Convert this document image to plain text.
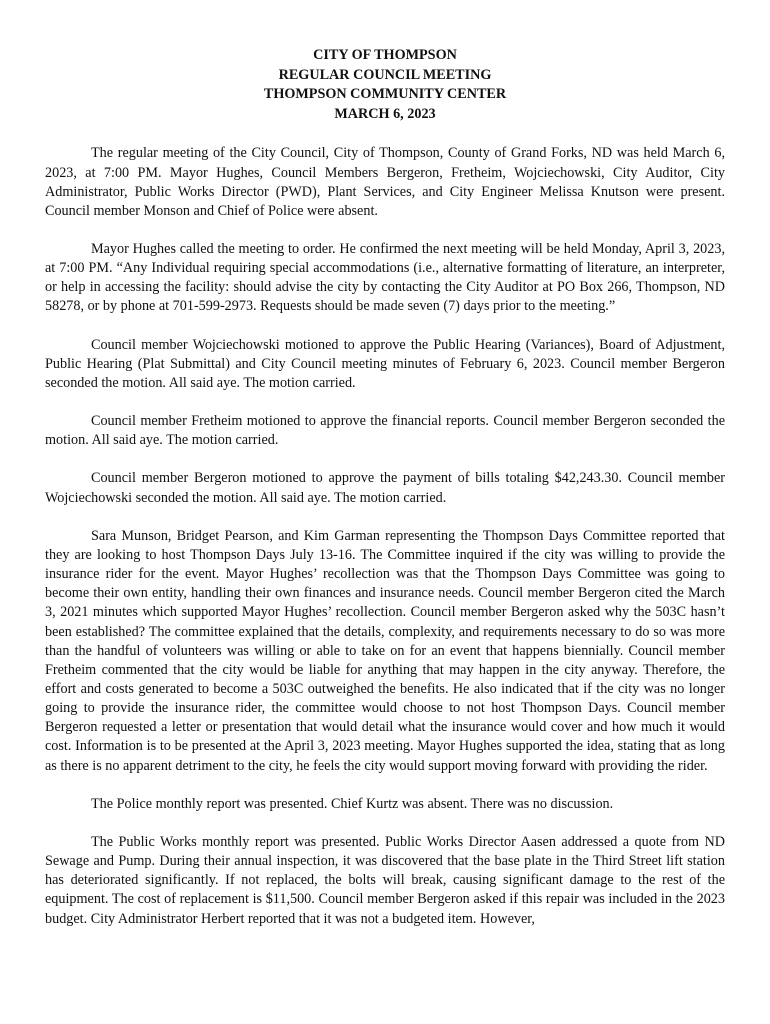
CITY OF THOMPSON
REGULAR COUNCIL MEETING
THOMPSON COMMUNITY CENTER
MARCH 6, 2023

The regular meeting of the City Council, City of Thompson, County of Grand Forks, ND was held March 6, 2023, at 7:00 PM. Mayor Hughes, Council Members Bergeron, Fretheim, Wojciechowski, City Auditor, City Administrator, Public Works Director (PWD), Plant Services, and City Engineer Melissa Knutson were present. Council member Monson and Chief of Police were absent.

Mayor Hughes called the meeting to order. He confirmed the next meeting will be held Monday, April 3, 2023, at 7:00 PM. “Any Individual requiring special accommodations (i.e., alternative formatting of literature, an interpreter, or help in accessing the facility: should advise the city by contacting the City Auditor at PO Box 266, Thompson, ND 58278, or by phone at 701-599-2973. Requests should be made seven (7) days prior to the meeting.”

Council member Wojciechowski motioned to approve the Public Hearing (Variances), Board of Adjustment, Public Hearing (Plat Submittal) and City Council meeting minutes of February 6, 2023. Council member Bergeron seconded the motion. All said aye. The motion carried.

Council member Fretheim motioned to approve the financial reports. Council member Bergeron seconded the motion. All said aye. The motion carried.

Council member Bergeron motioned to approve the payment of bills totaling $42,243.30. Council member Wojciechowski seconded the motion. All said aye. The motion carried.

Sara Munson, Bridget Pearson, and Kim Garman representing the Thompson Days Committee reported that they are looking to host Thompson Days July 13-16. The Committee inquired if the city was willing to provide the insurance rider for the event. Mayor Hughes’ recollection was that the Thompson Days Committee was going to become their own entity, handling their own finances and insurance needs. Council member Bergeron cited the March 3, 2021 minutes which supported Mayor Hughes’ recollection. Council member Bergeron asked why the 503C hasn’t been established? The committee explained that the details, complexity, and requirements necessary to do so was more than the handful of volunteers was willing or able to take on for an event that happens biennially. Council member Fretheim commented that the city would be liable for anything that may happen in the city anyway. Therefore, the effort and costs generated to become a 503C outweighed the benefits. He also indicated that if the city was no longer going to provide the insurance rider, the committee would choose to not host Thompson Days. Council member Bergeron requested a letter or presentation that would detail what the insurance would cover and how much it would cost. Information is to be presented at the April 3, 2023 meeting. Mayor Hughes supported the idea, stating that as long as there is no apparent detriment to the city, he feels the city would support moving forward with providing the rider.

The Police monthly report was presented. Chief Kurtz was absent. There was no discussion.

The Public Works monthly report was presented. Public Works Director Aasen addressed a quote from ND Sewage and Pump. During their annual inspection, it was discovered that the base plate in the Third Street lift station has deteriorated significantly. If not replaced, the bolts will break, causing significant damage to the rest of the equipment. The cost of replacement is $11,500. Council member Bergeron asked if this repair was included in the 2023 budget. City Administrator Herbert reported that it was not a budgeted item. However,
